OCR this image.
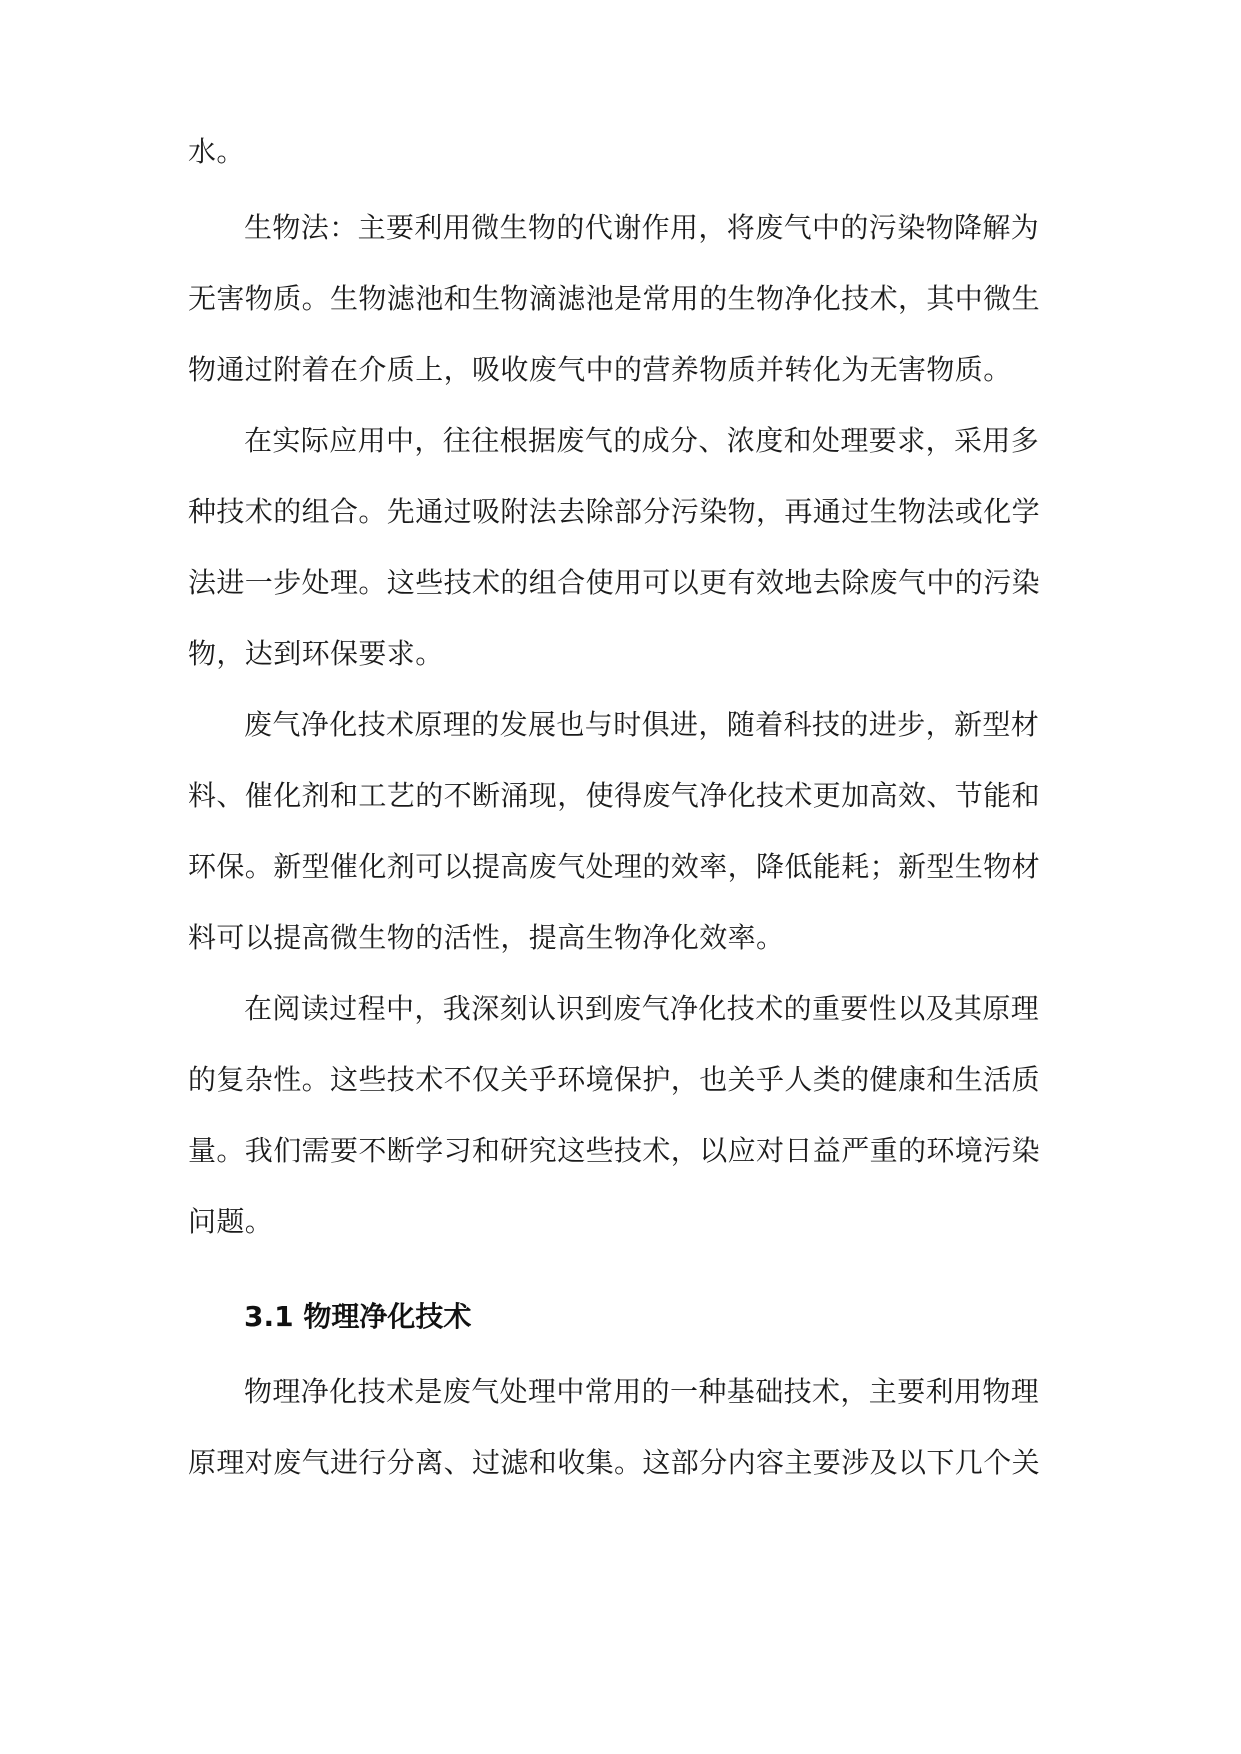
水。
生物法：主要利用微生物的代谢作用，将废气中的污染物降解为
无害物质。生物滤池和生物滴滤池是常用的生物净化技术，其中微生
物通过附着在介质上，吸收废气中的营养物质并转化为无害物质。
在实际应用中，往往根据废气的成分、浓度和处理要求，采用多
种技术的组合。先通过吸附法去除部分污染物，再通过生物法或化学
法进一步处理。这些技术的组合使用可以更有效地去除废气中的污染
物，达到环保要求。
废气净化技术原理的发展也与时俱进，随着科技的进步，新型材
料、催化剂和工艺的不断涌现，使得废气净化技术更加高效、节能和
环保。新型催化剂可以提高废气处理的效率，降低能耗；新型生物材
料可以提高微生物的活性，提高生物净化效率。
在阅读过程中，我深刻认识到废气净化技术的重要性以及其原理
的复杂性。这些技术不仅关乎环境保护，也关乎人类的健康和生活质
量。我们需要不断学习和研究这些技术，以应对日益严重的环境污染
问题。
3.1 物理净化技术
物理净化技术是废气处理中常用的一种基础技术，主要利用物理
原理对废气进行分离、过滤和收集。这部分内容主要涉及以下几个关
